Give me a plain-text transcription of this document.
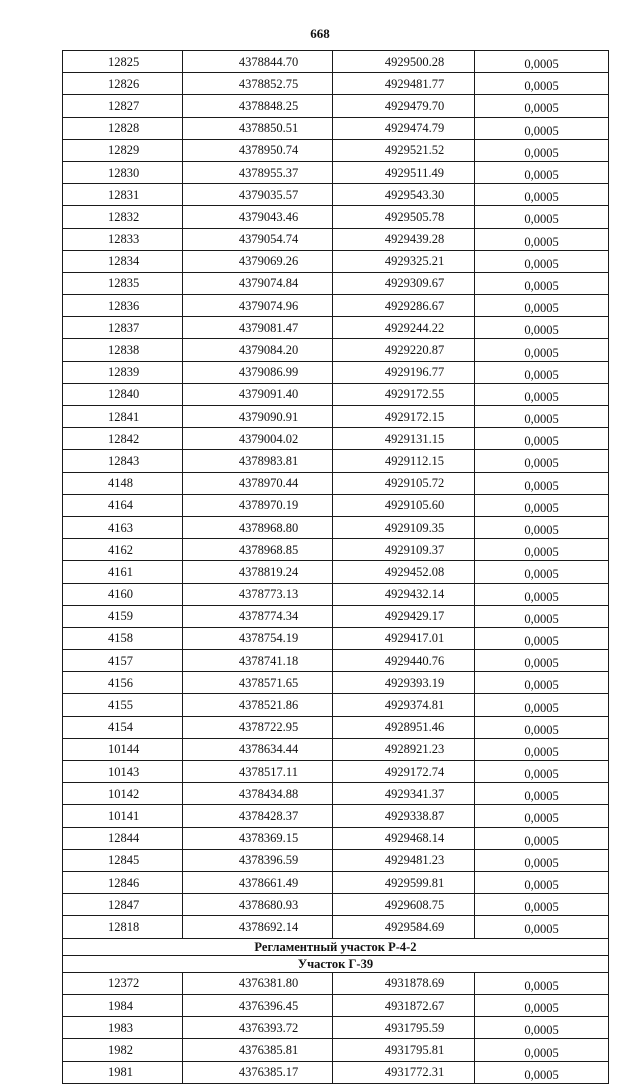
668
12825	4378844.70	4929500.28	0,0005
12826	4378852.75	4929481.77	0,0005
12827	4378848.25	4929479.70	0,0005
12828	4378850.51	4929474.79	0,0005
12829	4378950.74	4929521.52	0,0005
12830	4378955.37	4929511.49	0,0005
12831	4379035.57	4929543.30	0,0005
12832	4379043.46	4929505.78	0,0005
12833	4379054.74	4929439.28	0,0005
12834	4379069.26	4929325.21	0,0005
12835	4379074.84	4929309.67	0,0005
12836	4379074.96	4929286.67	0,0005
12837	4379081.47	4929244.22	0,0005
12838	4379084.20	4929220.87	0,0005
12839	4379086.99	4929196.77	0,0005
12840	4379091.40	4929172.55	0,0005
12841	4379090.91	4929172.15	0,0005
12842	4379004.02	4929131.15	0,0005
12843	4378983.81	4929112.15	0,0005
4148	4378970.44	4929105.72	0,0005
4164	4378970.19	4929105.60	0,0005
4163	4378968.80	4929109.35	0,0005
4162	4378968.85	4929109.37	0,0005
4161	4378819.24	4929452.08	0,0005
4160	4378773.13	4929432.14	0,0005
4159	4378774.34	4929429.17	0,0005
4158	4378754.19	4929417.01	0,0005
4157	4378741.18	4929440.76	0,0005
4156	4378571.65	4929393.19	0,0005
4155	4378521.86	4929374.81	0,0005
4154	4378722.95	4928951.46	0,0005
10144	4378634.44	4928921.23	0,0005
10143	4378517.11	4929172.74	0,0005
10142	4378434.88	4929341.37	0,0005
10141	4378428.37	4929338.87	0,0005
12844	4378369.15	4929468.14	0,0005
12845	4378396.59	4929481.23	0,0005
12846	4378661.49	4929599.81	0,0005
12847	4378680.93	4929608.75	0,0005
12818	4378692.14	4929584.69	0,0005
Регламентный участок Р-4-2			
Участок Г-39			
12372	4376381.80	4931878.69	0,0005
1984	4376396.45	4931872.67	0,0005
1983	4376393.72	4931795.59	0,0005
1982	4376385.81	4931795.81	0,0005
1981	4376385.17	4931772.31	0,0005
